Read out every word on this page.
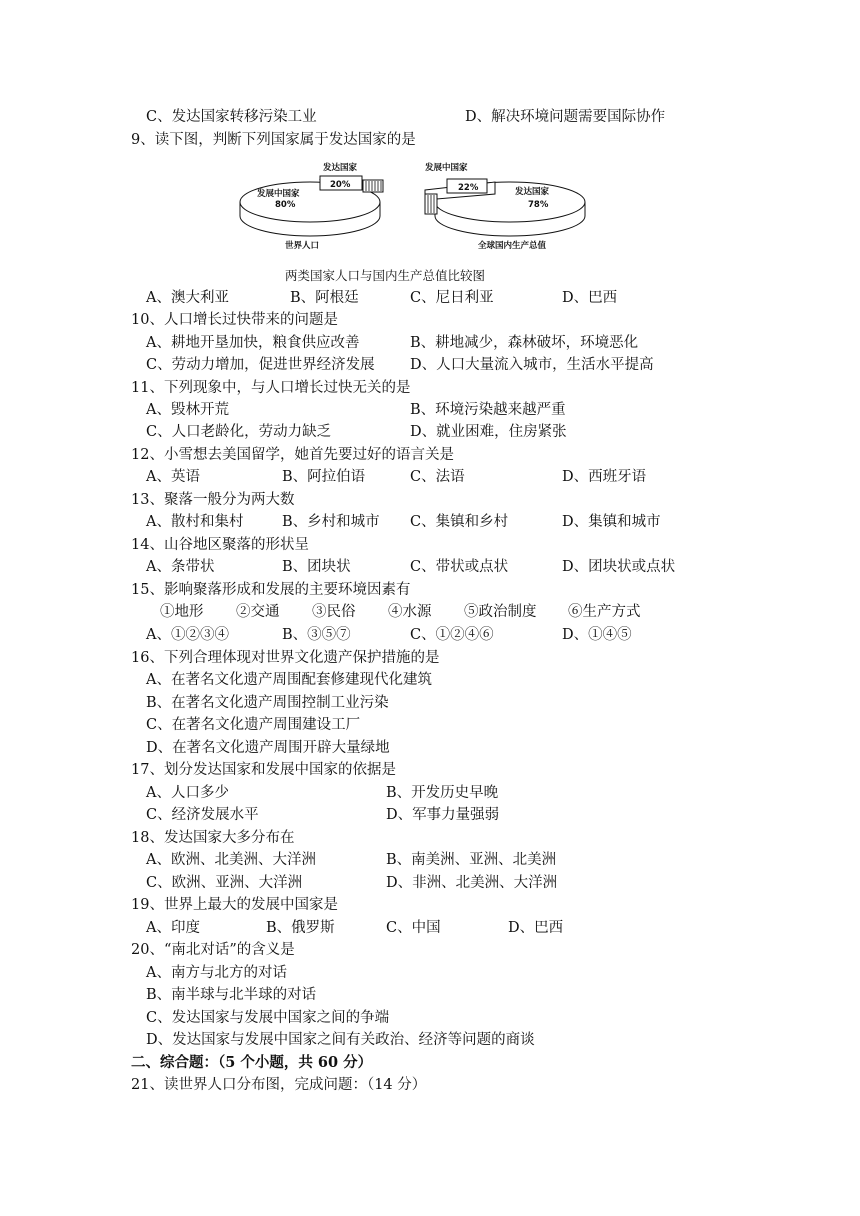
C、发达国家转移污染工业	D、解决环境问题需要国际协作
9、读下图，判断下列国家属于发达国家的是
发展中国家
80%
发达国家
20%
世界人口
发展中国家
22%	发达国家
78%
全球国内生产总值
两类国家人口与国内生产总值比较图
A、澳大利亚	B、阿根廷	C、尼日利亚	D、巴西
10、人口增长过快带来的问题是
A、耕地开垦加快，粮食供应改善	B、耕地减少，森林破坏，环境恶化
C、劳动力增加，促进世界经济发展 D、人口大量流入城市，生活水平提高
11、下列现象中，与人口增长过快无关的是
A、毁林开荒	B、环境污染越来越严重
C、人口老龄化，劳动力缺乏	D、就业困难，住房紧张
12、小雪想去美国留学，她首先要过好的语言关是
A、英语	B、阿拉伯语	C、法语	D、西班牙语
13、聚落一般分为两大数
A、散村和集村	B、乡村和城市 C、集镇和乡村	D、集镇和城市
14、山谷地区聚落的形状呈
A、条带状	B、团块状	C、带状或点状	D、团块状或点状
15、影响聚落形成和发展的主要环境因素有
①地形 ②交通 ③民俗 ④水源 ⑤政治制度 ⑥生产方式
A、①②③④	B、③⑤⑦	C、①②④⑥	D、①④⑤
16、下列合理体现对世界文化遗产保护措施的是
A、在著名文化遗产周围配套修建现代化建筑
B、在著名文化遗产周围控制工业污染
C、在著名文化遗产周围建设工厂
D、在著名文化遗产周围开辟大量绿地
17、划分发达国家和发展中国家的依据是
A、人口多少	B、开发历史早晚
C、经济发展水平	D、军事力量强弱
18、发达国家大多分布在
A、欧洲、北美洲、大洋洲	B、南美洲、亚洲、北美洲
C、欧洲、亚洲、大洋洲	D、非洲、北美洲、大洋洲
19、世界上最大的发展中国家是
A、印度	B、俄罗斯	C、中国	D、巴西
20、“南北对话”的含义是
A、南方与北方的对话
B、南半球与北半球的对话
C、发达国家与发展中国家之间的争端
D、发达国家与发展中国家之间有关政治、经济等问题的商谈
二、综合题：（5 个小题，共 60 分）
21、读世界人口分布图，完成问题：（14 分）
